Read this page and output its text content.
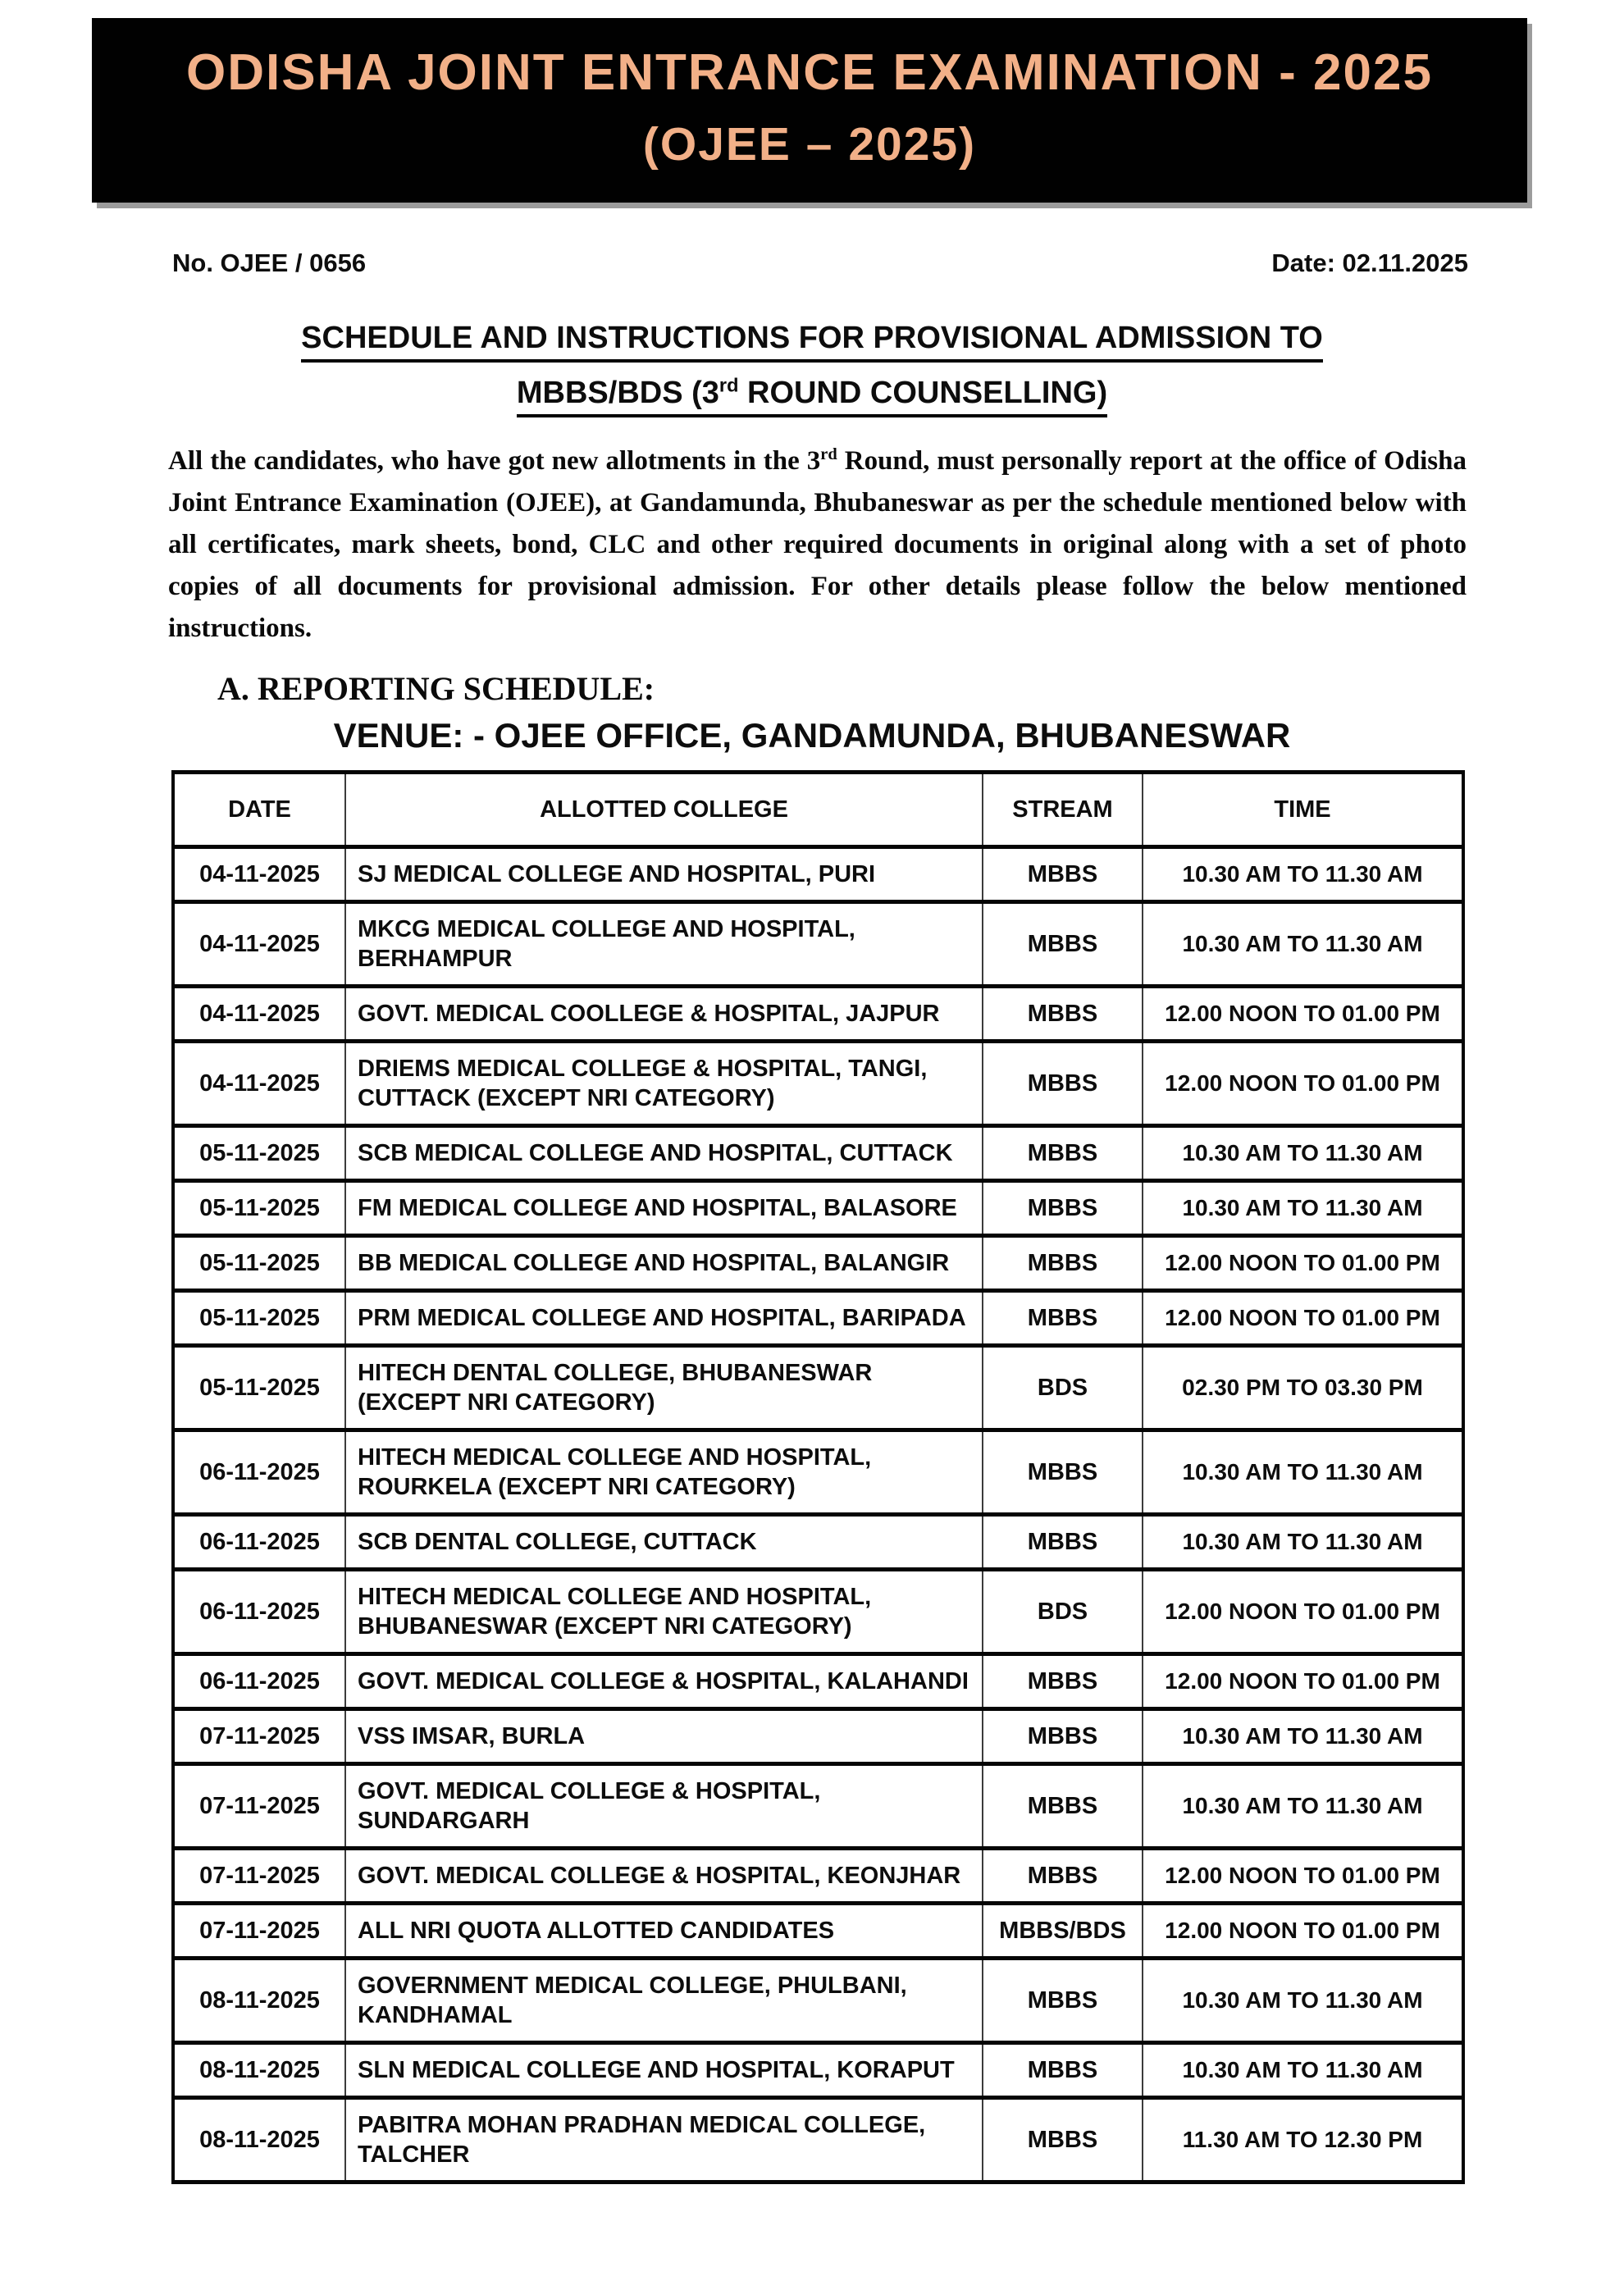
ODISHA JOINT ENTRANCE EXAMINATION - 2025
(OJEE – 2025)
No. OJEE / 0656	Date: 02.11.2025
SCHEDULE AND INSTRUCTIONS FOR PROVISIONAL ADMISSION TO
MBBS/BDS (3rd ROUND COUNSELLING)

All the candidates, who have got new allotments in the 3rd Round, must personally report at the office of Odisha Joint Entrance Examination (OJEE), at Gandamunda, Bhubaneswar as per the schedule mentioned below with all certificates, mark sheets, bond, CLC and other required documents in original along with a set of photo copies of all documents for provisional admission. For other details please follow the below mentioned instructions.

A. REPORTING SCHEDULE:
VENUE: - OJEE OFFICE, GANDAMUNDA, BHUBANESWAR
DATE	ALLOTTED COLLEGE	STREAM	TIME
04-11-2025	SJ MEDICAL COLLEGE AND HOSPITAL, PURI	MBBS	10.30 AM TO 11.30 AM
04-11-2025	MKCG MEDICAL COLLEGE AND HOSPITAL, BERHAMPUR	MBBS	10.30 AM TO 11.30 AM
04-11-2025	GOVT. MEDICAL COOLLEGE & HOSPITAL, JAJPUR	MBBS	12.00 NOON TO 01.00 PM
04-11-2025	DRIEMS MEDICAL COLLEGE & HOSPITAL, TANGI, CUTTACK (EXCEPT NRI CATEGORY)	MBBS	12.00 NOON TO 01.00 PM
05-11-2025	SCB MEDICAL COLLEGE AND HOSPITAL, CUTTACK	MBBS	10.30 AM TO 11.30 AM
05-11-2025	FM MEDICAL COLLEGE AND HOSPITAL, BALASORE	MBBS	10.30 AM TO 11.30 AM
05-11-2025	BB MEDICAL COLLEGE AND HOSPITAL, BALANGIR	MBBS	12.00 NOON TO 01.00 PM
05-11-2025	PRM MEDICAL COLLEGE AND HOSPITAL, BARIPADA	MBBS	12.00 NOON TO 01.00 PM
05-11-2025	HITECH DENTAL COLLEGE, BHUBANESWAR (EXCEPT NRI CATEGORY)	BDS	02.30 PM TO 03.30 PM
06-11-2025	HITECH MEDICAL COLLEGE AND HOSPITAL, ROURKELA (EXCEPT NRI CATEGORY)	MBBS	10.30 AM TO 11.30 AM
06-11-2025	SCB DENTAL COLLEGE, CUTTACK	MBBS	10.30 AM TO 11.30 AM
06-11-2025	HITECH MEDICAL COLLEGE AND HOSPITAL, BHUBANESWAR (EXCEPT NRI CATEGORY)	BDS	12.00 NOON TO 01.00 PM
06-11-2025	GOVT. MEDICAL COLLEGE & HOSPITAL, KALAHANDI	MBBS	12.00 NOON TO 01.00 PM
07-11-2025	VSS IMSAR, BURLA	MBBS	10.30 AM TO 11.30 AM
07-11-2025	GOVT. MEDICAL COLLEGE & HOSPITAL, SUNDARGARH	MBBS	10.30 AM TO 11.30 AM
07-11-2025	GOVT. MEDICAL COLLEGE & HOSPITAL, KEONJHAR	MBBS	12.00 NOON TO 01.00 PM
07-11-2025	ALL NRI QUOTA ALLOTTED CANDIDATES	MBBS/BDS	12.00 NOON TO 01.00 PM
08-11-2025	GOVERNMENT MEDICAL COLLEGE, PHULBANI, KANDHAMAL	MBBS	10.30 AM TO 11.30 AM
08-11-2025	SLN MEDICAL COLLEGE AND HOSPITAL, KORAPUT	MBBS	10.30 AM TO 11.30 AM
08-11-2025	PABITRA MOHAN PRADHAN MEDICAL COLLEGE, TALCHER	MBBS	11.30 AM TO 12.30 PM
